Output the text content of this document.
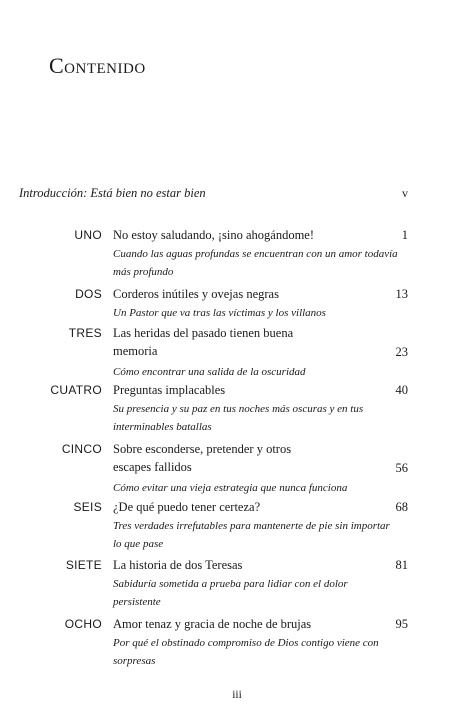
Contenido
Introducción: Está bien no estar bien	v
UNO No estoy saludando, ¡sino ahogándome!	1
Cuando las aguas profundas se encuentran con un amor todavía más profundo
DOS Corderos inútiles y ovejas negras	13
Un Pastor que va tras las víctimas y los villanos
TRES Las heridas del pasado tienen buena memoria	23
Cómo encontrar una salida de la oscuridad
CUATRO Preguntas implacables	40
Su presencia y su paz en tus noches más oscuras y en tus interminables batallas
CINCO Sobre esconderse, pretender y otros escapes fallidos	56
Cómo evitar una vieja estrategia que nunca funciona
SEIS ¿De qué puedo tener certeza?	68
Tres verdades irrefutables para mantenerte de pie sin importar lo que pase
SIETE La historia de dos Teresas	81
Sabiduría sometida a prueba para lidiar con el dolor persistente
OCHO Amor tenaz y gracia de noche de brujas	95
Por qué el obstinado compromiso de Dios contigo viene con sorpresas
iii
